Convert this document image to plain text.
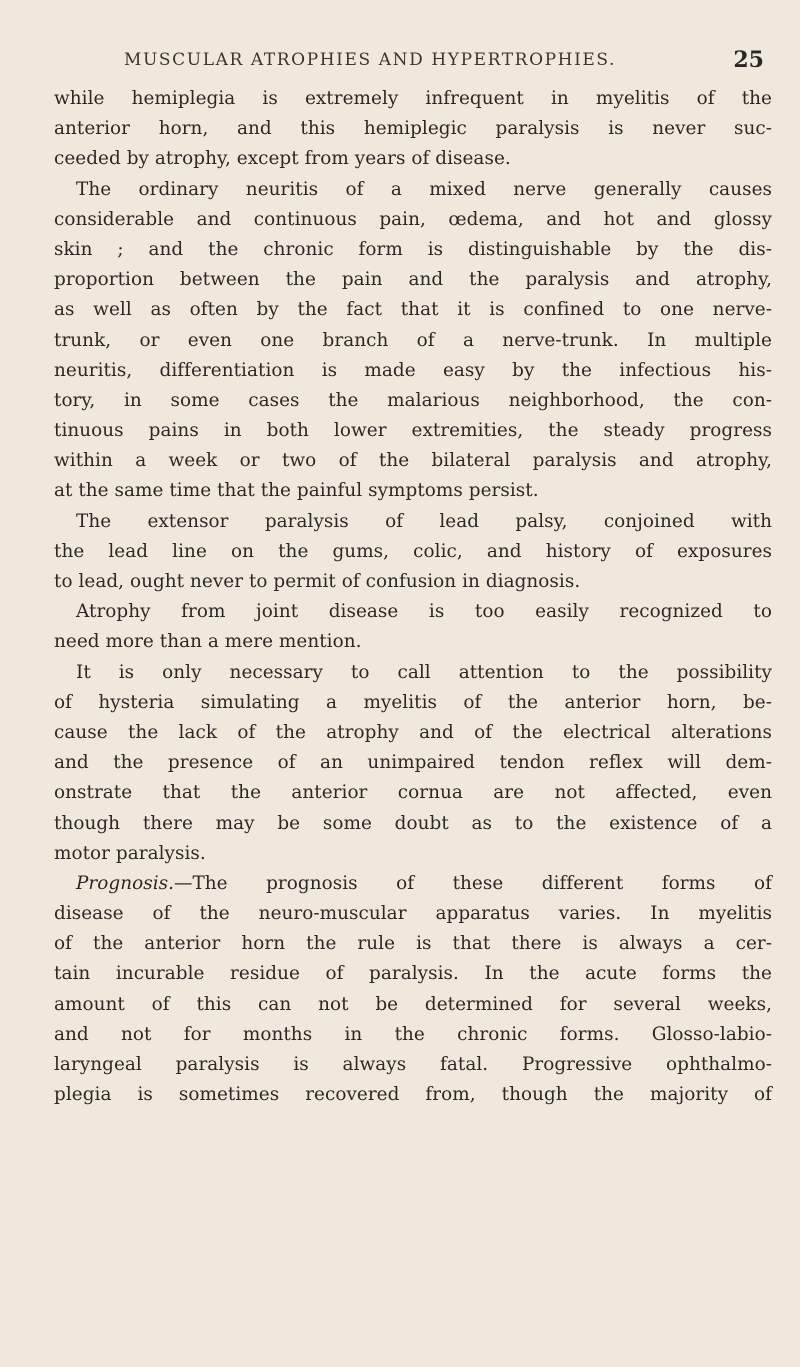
MUSCULAR ATROPHIES AND HYPERTROPHIES.	25
while hemiplegia is extremely infrequent in myelitis of the
anterior horn, and this hemiplegic paralysis is never suc-
ceeded by atrophy, except from years of disease.
The ordinary neuritis of a mixed nerve generally causes
considerable and continuous pain, œdema, and hot and glossy
skin ; and the chronic form is distinguishable by the dis-
proportion between the pain and the paralysis and atrophy,
as well as often by the fact that it is confined to one nerve-
trunk, or even one branch of a nerve-trunk. In multiple
neuritis, differentiation is made easy by the infectious his-
tory, in some cases the malarious neighborhood, the con-
tinuous pains in both lower extremities, the steady progress
within a week or two of the bilateral paralysis and atrophy,
at the same time that the painful symptoms persist.
The extensor paralysis of lead palsy, conjoined with
the lead line on the gums, colic, and history of exposures
to lead, ought never to permit of confusion in diagnosis.
Atrophy from joint disease is too easily recognized to
need more than a mere mention.
It is only necessary to call attention to the possibility
of hysteria simulating a myelitis of the anterior horn, be-
cause the lack of the atrophy and of the electrical alterations
and the presence of an unimpaired tendon reflex will dem-
onstrate that the anterior cornua are not affected, even
though there may be some doubt as to the existence of a
motor paralysis.
Prognosis.—The prognosis of these different forms of
disease of the neuro-muscular apparatus varies. In myelitis
of the anterior horn the rule is that there is always a cer-
tain incurable residue of paralysis. In the acute forms the
amount of this can not be determined for several weeks,
and not for months in the chronic forms. Glosso-labio-
laryngeal paralysis is always fatal. Progressive ophthalmo-
plegia is sometimes recovered from, though the majority of
